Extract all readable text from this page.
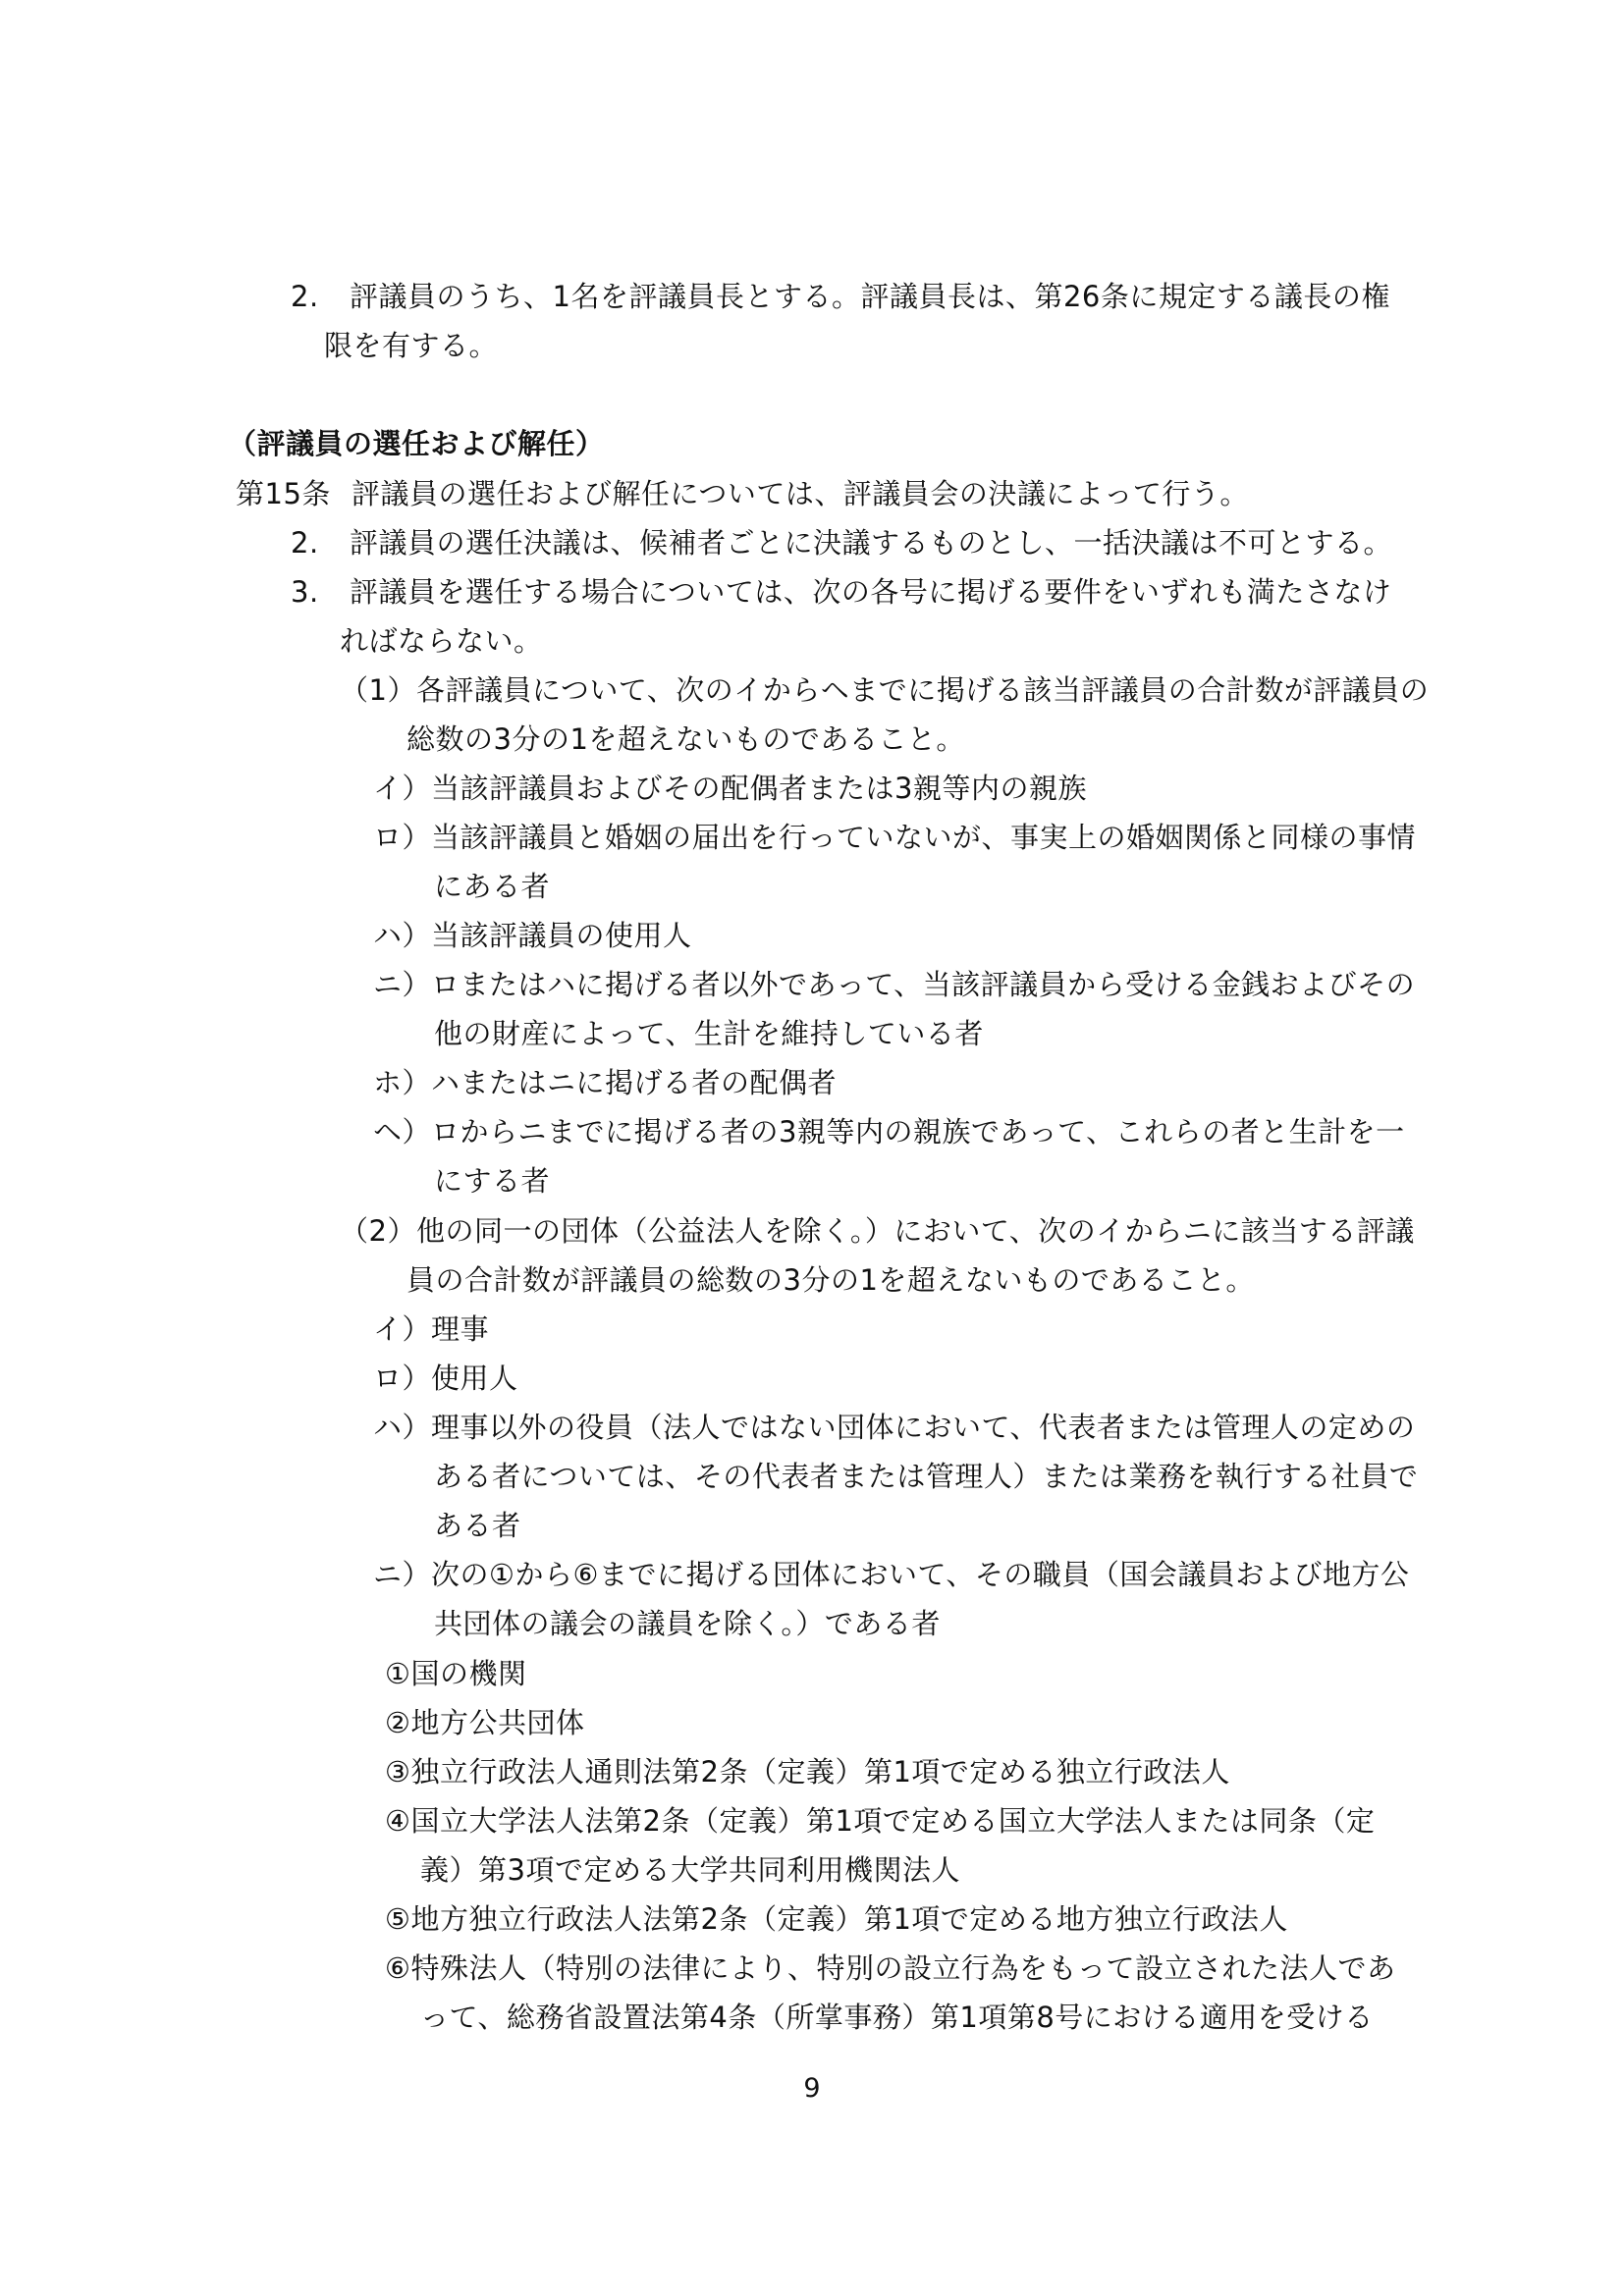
2. 評議員のうち、1名を評議員長とする。評議員長は、第26条に規定する議長の権
限を有する。
（評議員の選任および解任）
第15条 評議員の選任および解任については、評議員会の決議によって行う。
2. 評議員の選任決議は、候補者ごとに決議するものとし、一括決議は不可とする。
3. 評議員を選任する場合については、次の各号に掲げる要件をいずれも満たさなけ
ればならない。
（1）各評議員について、次のイからヘまでに掲げる該当評議員の合計数が評議員の
総数の3分の1を超えないものであること。
イ）当該評議員およびその配偶者または3親等内の親族
ロ）当該評議員と婚姻の届出を行っていないが、事実上の婚姻関係と同様の事情
にある者
ハ）当該評議員の使用人
ニ）ロまたはハに掲げる者以外であって、当該評議員から受ける金銭およびその
他の財産によって、生計を維持している者
ホ）ハまたはニに掲げる者の配偶者
ヘ）ロからニまでに掲げる者の3親等内の親族であって、これらの者と生計を一
にする者
（2）他の同一の団体（公益法人を除く。）において、次のイからニに該当する評議
員の合計数が評議員の総数の3分の1を超えないものであること。
イ）理事
ロ）使用人
ハ）理事以外の役員（法人ではない団体において、代表者または管理人の定めの
ある者については、その代表者または管理人）または業務を執行する社員で
ある者
ニ）次の①から⑥までに掲げる団体において、その職員（国会議員および地方公
共団体の議会の議員を除く。）である者
①国の機関
②地方公共団体
③独立行政法人通則法第2条（定義）第1項で定める独立行政法人
④国立大学法人法第2条（定義）第1項で定める国立大学法人または同条（定
義）第3項で定める大学共同利用機関法人
⑤地方独立行政法人法第2条（定義）第1項で定める地方独立行政法人
⑥特殊法人（特別の法律により、特別の設立行為をもって設立された法人であ
って、総務省設置法第4条（所掌事務）第1項第8号における適用を受ける
9
